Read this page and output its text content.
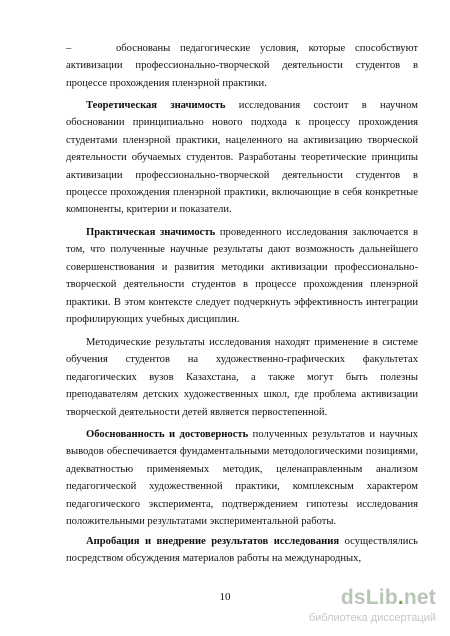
–	обоснованы педагогические условия, которые способствуют активизации профессионально-творческой деятельности студентов в процессе прохождения пленэрной практики.
Теоретическая значимость исследования состоит в научном обосновании принципиально нового подхода к процессу прохождения студентами пленэрной практики, нацеленного на активизацию творческой деятельности обучаемых студентов. Разработаны теоретические принципы активизации профессионально-творческой деятельности студентов в процессе прохождения пленэрной практики, включающие в себя конкретные компоненты, критерии и показатели.
Практическая значимость проведенного исследования заключается в том, что полученные научные результаты дают возможность дальнейшего совершенствования и развития методики активизации профессионально-творческой деятельности студентов в процессе прохождения пленэрной практики. В этом контексте следует подчеркнуть эффективность интеграции профилирующих учебных дисциплин.
Методические результаты исследования находят применение в системе обучения студентов на художественно-графических факультетах педагогических вузов Казахстана, а также могут быть полезны преподавателям детских художественных школ, где проблема активизации творческой деятельности детей является первостепенной.
Обоснованность и достоверность полученных результатов и научных выводов обеспечивается фундаментальными методологическими позициями, адекватностью применяемых методик, целенаправленным анализом педагогической художественной практики, комплексным характером педагогического эксперимента, подтверждением гипотезы исследования положительными результатами экспериментальной работы.
Апробация и внедрение результатов исследования осуществлялись посредством обсуждения материалов работы на международных,
10	dsLib.net
библиотека диссертаций
